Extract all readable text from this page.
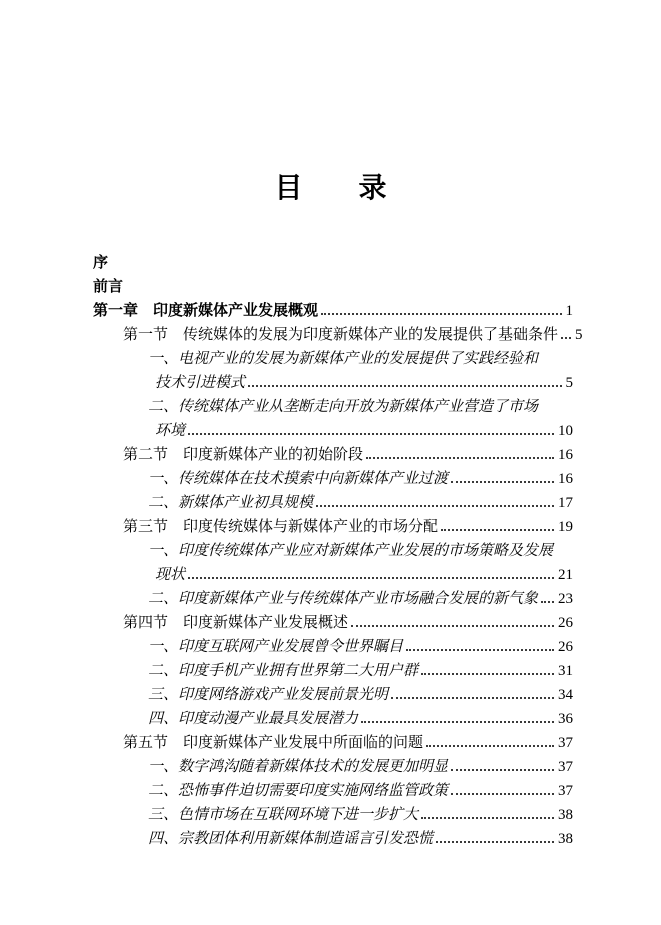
目　　录
序
前言
第一章　印度新媒体产业发展概观	1
第一节　传统媒体的发展为印度新媒体产业的发展提供了基础条件 5
一、电视产业的发展为新媒体产业的发展提供了实践经验和
技术引进模式	5
二、传统媒体产业从垄断走向开放为新媒体产业营造了市场
环境	10
第二节　印度新媒体产业的初始阶段	16
一、传统媒体在技术摸索中向新媒体产业过渡	16
二、新媒体产业初具规模	17
第三节　印度传统媒体与新媒体产业的市场分配	19
一、印度传统媒体产业应对新媒体产业发展的市场策略及发展
现状	21
二、印度新媒体产业与传统媒体产业市场融合发展的新气象 23
第四节　印度新媒体产业发展概述	26
一、印度互联网产业发展曾令世界瞩目	26
二、印度手机产业拥有世界第二大用户群	31
三、印度网络游戏产业发展前景光明	34
四、印度动漫产业最具发展潜力	36
第五节　印度新媒体产业发展中所面临的问题	37
一、数字鸿沟随着新媒体技术的发展更加明显	37
二、恐怖事件迫切需要印度实施网络监管政策	37
三、色情市场在互联网环境下进一步扩大	38
四、宗教团体利用新媒体制造谣言引发恐慌	38
